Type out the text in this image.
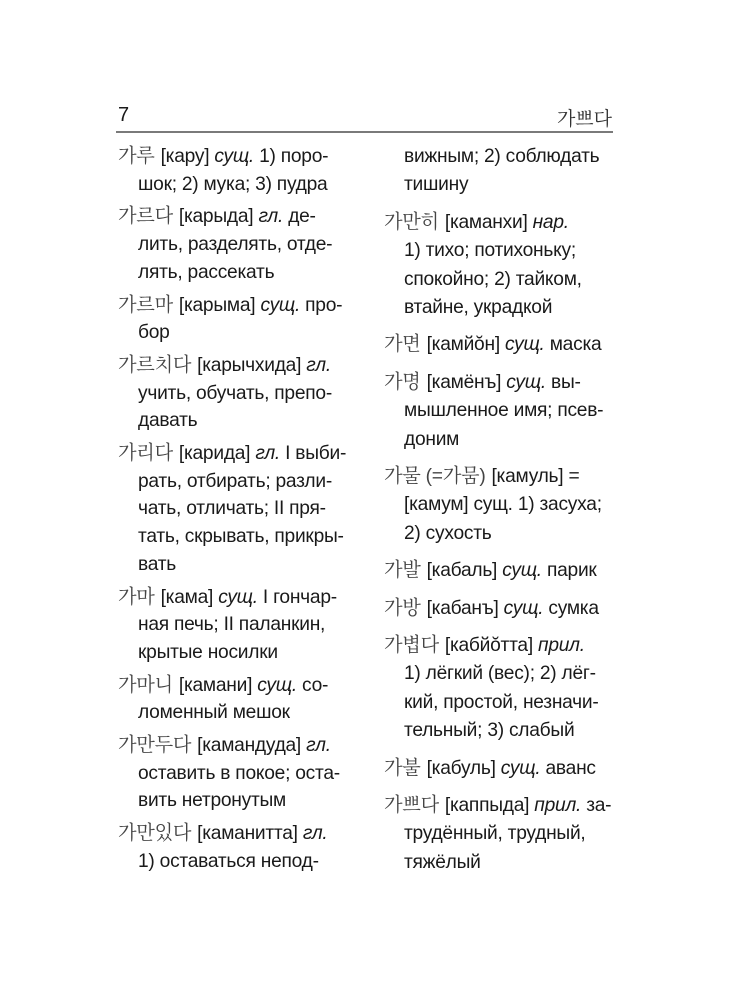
7	가쁘다
가루 [кару] сущ. 1) поро-
шок; 2) мука; 3) пудра
가르다 [карыда] гл. де-
лить, разделять, отде-
лять, рассекать
가르마 [карыма] сущ. про-
бор
가르치다 [карычхида] гл.
учить, обучать, препо-
давать
가리다 [карида] гл. I выби-
рать, отбирать; разли-
чать, отличать; II пря-
тать, скрывать, прикры-
вать
가마 [кама] сущ. I гончар-
ная печь; II паланкин,
крытые носилки
가마니 [камани] сущ. со-
ломенный мешок
가만두다 [камандуда] гл.
оставить в покое; оста-
вить нетронутым
가만있다 [каманитта] гл.
1) оставаться непод-
вижным; 2) соблюдать
тишину
가만히 [каманхи] нар.
1) тихо; потихоньку;
спокойно; 2) тайком,
втайне, украдкой
가면 [камйŏн] сущ. маска
가명 [камёнъ] сущ. вы-
мышленное имя; псев-
доним
가물 (=가뭄) [камуль] =
[камум] сущ. 1) засуха;
2) сухость
가발 [кабаль] сущ. парик
가방 [кабанъ] сущ. сумка
가볍다 [кабйŏтта] прил.
1) лёгкий (вес); 2) лёг-
кий, простой, незначи-
тельный; 3) слабый
가불 [кабуль] сущ. аванс
가쁘다 [каппыда] прил. за-
трудённый, трудный,
тяжёлый
